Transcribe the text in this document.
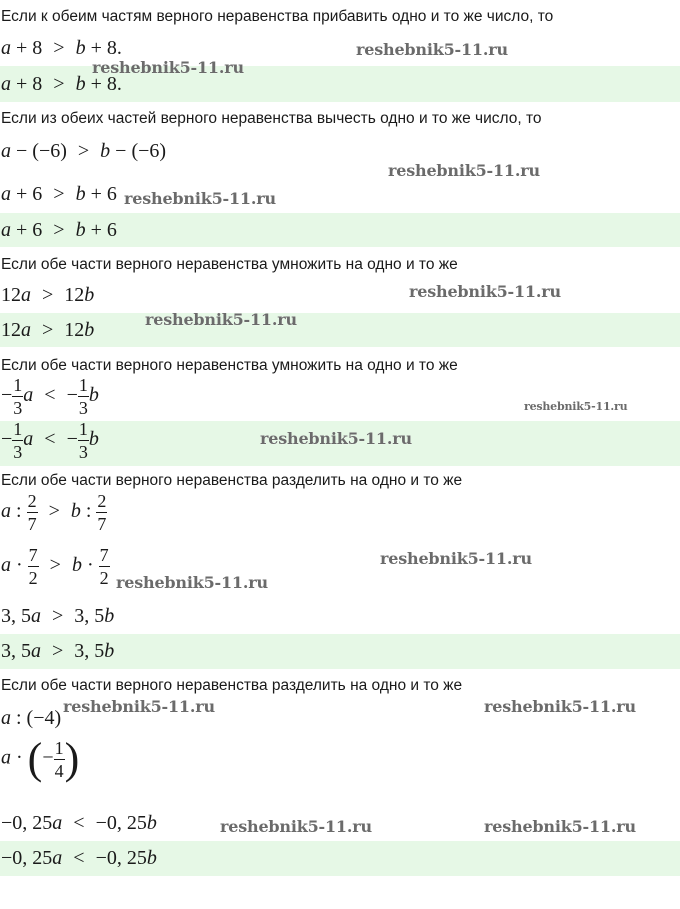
Если к обеим частям верного неравенства прибавить одно и то же число, то
a + 8 > b + 8.
a + 8 > b + 8.
Если из обеих частей верного неравенства вычесть одно и то же число, то
a − (−6) > b − (−6)
a + 6 > b + 6
a + 6 > b + 6
Если обе части верного неравенства умножить на одно и то же
12a > 12b
12a > 12b
Если обе части верного неравенства умножить на одно и то же
− $\frac{1}{3}$ a < − $\frac{1}{3}$ b
− $\frac{1}{3}$ a < − $\frac{1}{3}$ b
Если обе части верного неравенства разделить на одно и то же
a : $\frac{2}{7} > b$ : $\frac{2}{7}$
$a \cdot \frac{7}{2} > b \cdot \frac{7}{2}$
3, 5a > 3, 5b
3, 5a > 3, 5b
Если обе части верного неравенства разделить на одно и то же
a : (−4)
a · (− $\frac{1}{4}$ )
−0, 25a < −0, 25b
−0, 25a < −0, 25b
reshebnik5-11.ru
reshebnik5-11.ru
reshebnik5-11.ru
reshebnik5-11.ru
reshebnik5-11.ru
reshebnik5-11.ru
reshebnik5-11.ru
reshebnik5-11.ru
reshebnik5-11.ru
reshebnik5-11.ru
reshebnik5-11.ru	reshebnik5-11.ru
reshebnik5-11.ru	reshebnik5-11.ru
